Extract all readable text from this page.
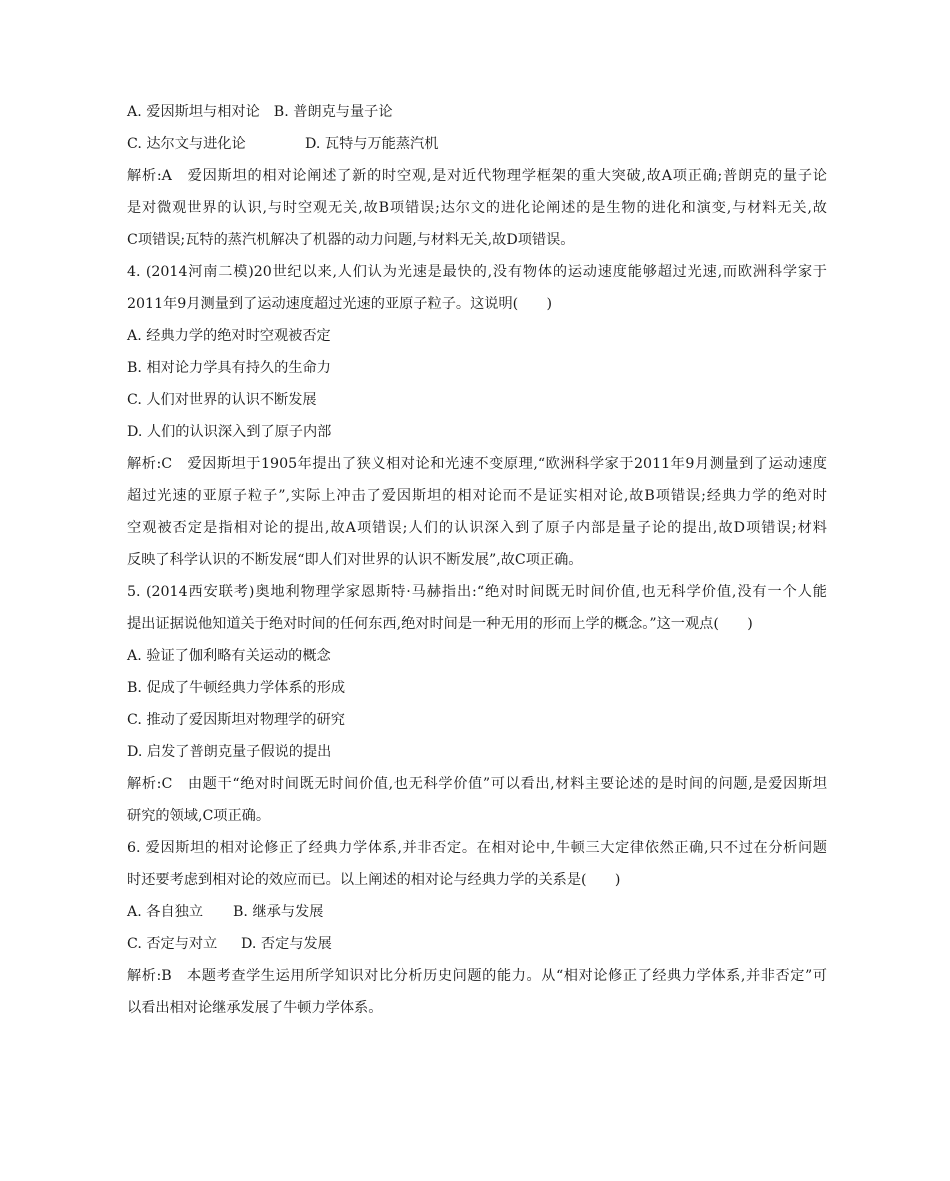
A. 爱因斯坦与相对论 B. 普朗克与量子论
C. 达尔文与进化论	D. 瓦特与万能蒸汽机
解析:A　爱因斯坦的相对论阐述了新的时空观,是对近代物理学框架的重大突破,故A项正确;普朗克的量子论
是对微观世界的认识,与时空观无关,故B项错误;达尔文的进化论阐述的是生物的进化和演变,与材料无关,故
C项错误;瓦特的蒸汽机解决了机器的动力问题,与材料无关,故D项错误。
4. (2014河南二模)20世纪以来,人们认为光速是最快的,没有物体的运动速度能够超过光速,而欧洲科学家于
2011年9月测量到了运动速度超过光速的亚原子粒子。这说明(　　)
A. 经典力学的绝对时空观被否定
B. 相对论力学具有持久的生命力
C. 人们对世界的认识不断发展
D. 人们的认识深入到了原子内部
解析:C　爱因斯坦于1905年提出了狭义相对论和光速不变原理,“欧洲科学家于2011年9月测量到了运动速度
超过光速的亚原子粒子”,实际上冲击了爱因斯坦的相对论而不是证实相对论,故B项错误;经典力学的绝对时
空观被否定是指相对论的提出,故A项错误;人们的认识深入到了原子内部是量子论的提出,故D项错误;材料
反映了科学认识的不断发展“即人们对世界的认识不断发展”,故C项正确。
5. (2014西安联考)奥地利物理学家恩斯特·马赫指出:“绝对时间既无时间价值,也无科学价值,没有一个人能
提出证据说他知道关于绝对时间的任何东西,绝对时间是一种无用的形而上学的概念。”这一观点(　　)
A. 验证了伽利略有关运动的概念
B. 促成了牛顿经典力学体系的形成
C. 推动了爱因斯坦对物理学的研究
D. 启发了普朗克量子假说的提出
解析:C　由题干“绝对时间既无时间价值,也无科学价值”可以看出,材料主要论述的是时间的问题,是爱因斯坦
研究的领域,C项正确。
6. 爱因斯坦的相对论修正了经典力学体系,并非否定。在相对论中,牛顿三大定律依然正确,只不过在分析问题
时还要考虑到相对论的效应而已。以上阐述的相对论与经典力学的关系是(　　)
A. 各自独立	B. 继承与发展
C. 否定与对立	D. 否定与发展
解析:B　本题考查学生运用所学知识对比分析历史问题的能力。从“相对论修正了经典力学体系,并非否定”可
以看出相对论继承发展了牛顿力学体系。
